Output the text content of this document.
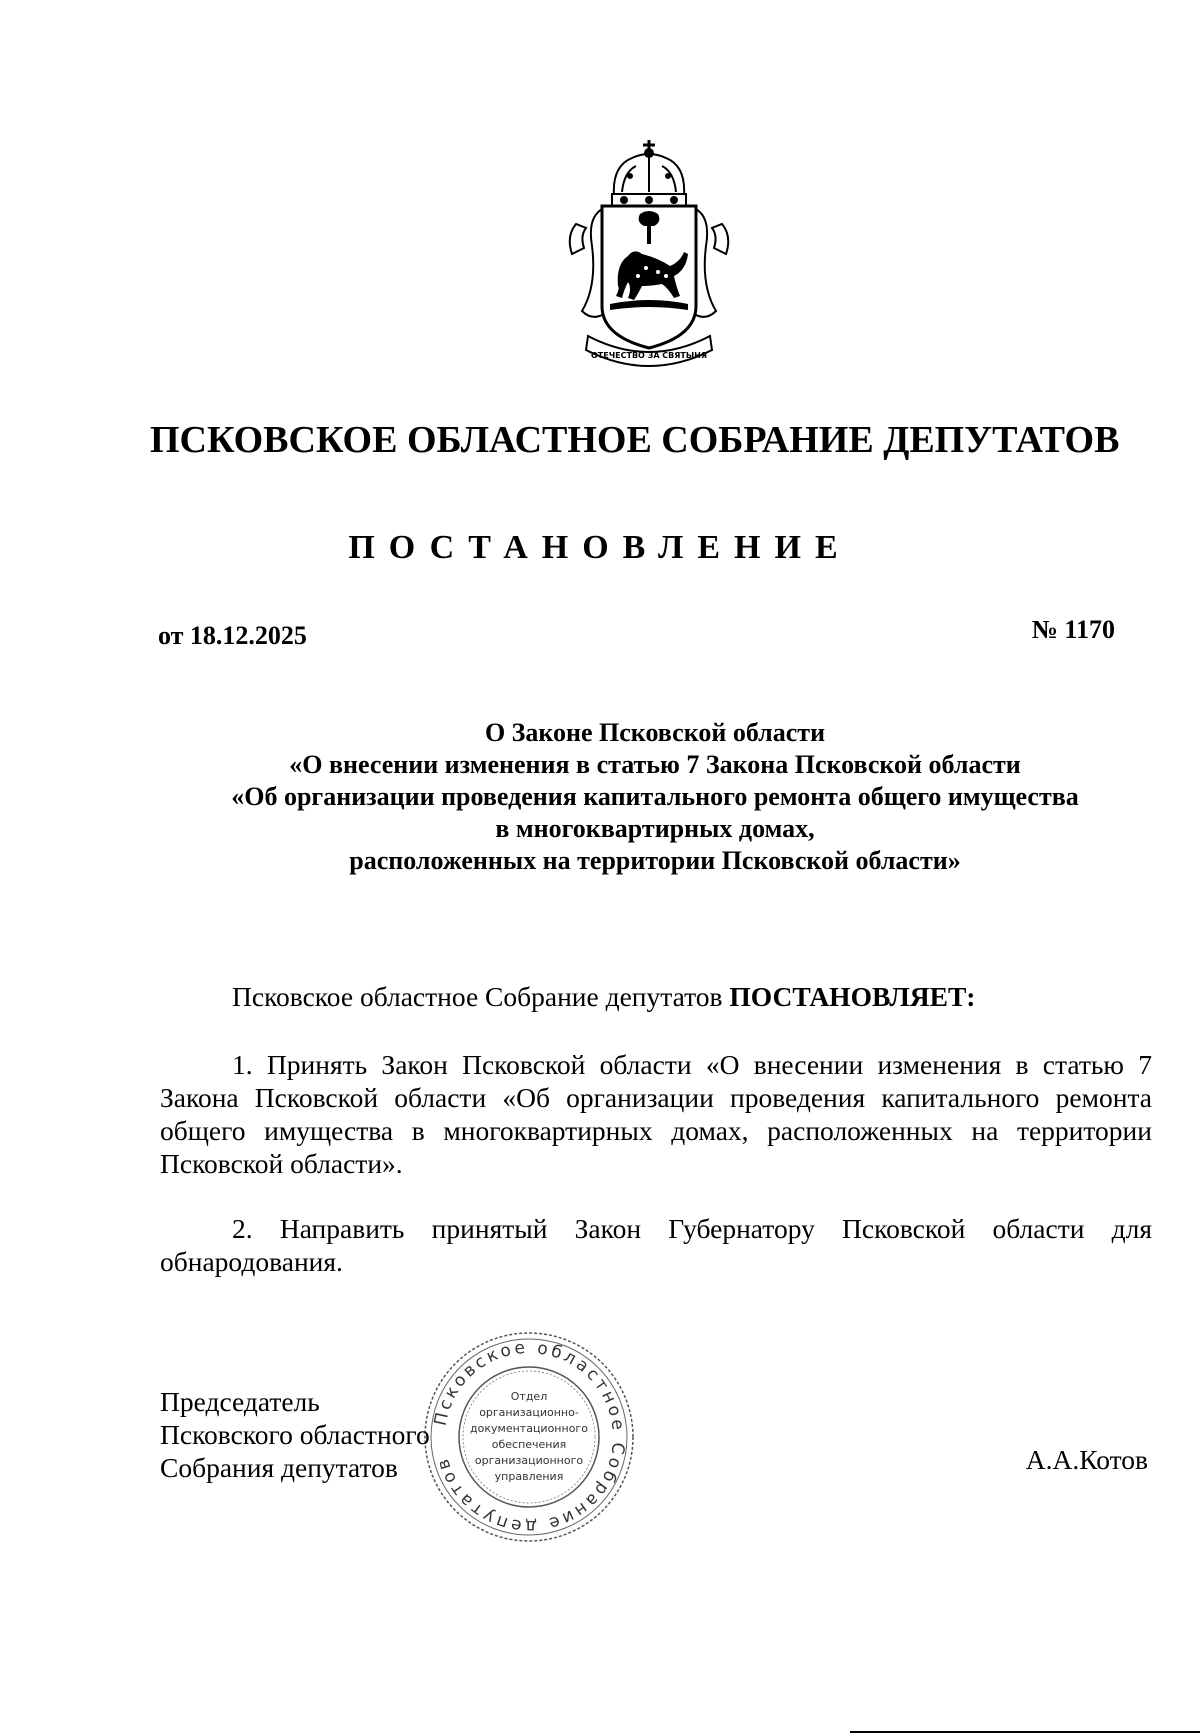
ОТЕЧЕСТВО ЗА СВЯТЫНЯ
ПСКОВСКОЕ ОБЛАСТНОЕ СОБРАНИЕ ДЕПУТАТОВ
ПОСТАНОВЛЕНИЕ
от 18.12.2025	№ 1170
О Законе Псковской области
«О внесении изменения в статью 7 Закона Псковской области
«Об организации проведения капитального ремонта общего имущества
в многоквартирных домах,
расположенных на территории Псковской области»
Псковское областное Собрание депутатов ПОСТАНОВЛЯЕТ:
1. Принять Закон Псковской области «О внесении изменения в статью 7 Закона Псковской области «Об организации проведения капитального ремонта общего имущества в многоквартирных домах, расположенных на территории Псковской области».
2. Направить принятый Закон Губернатору Псковской области для обнародования.
Псковское областное Собрание депутатов
Отдел
организационно-
документационного
обеспечения
организационного
управления
Председатель
Псковского областного
Собрания депутатов	А.А.Котов
